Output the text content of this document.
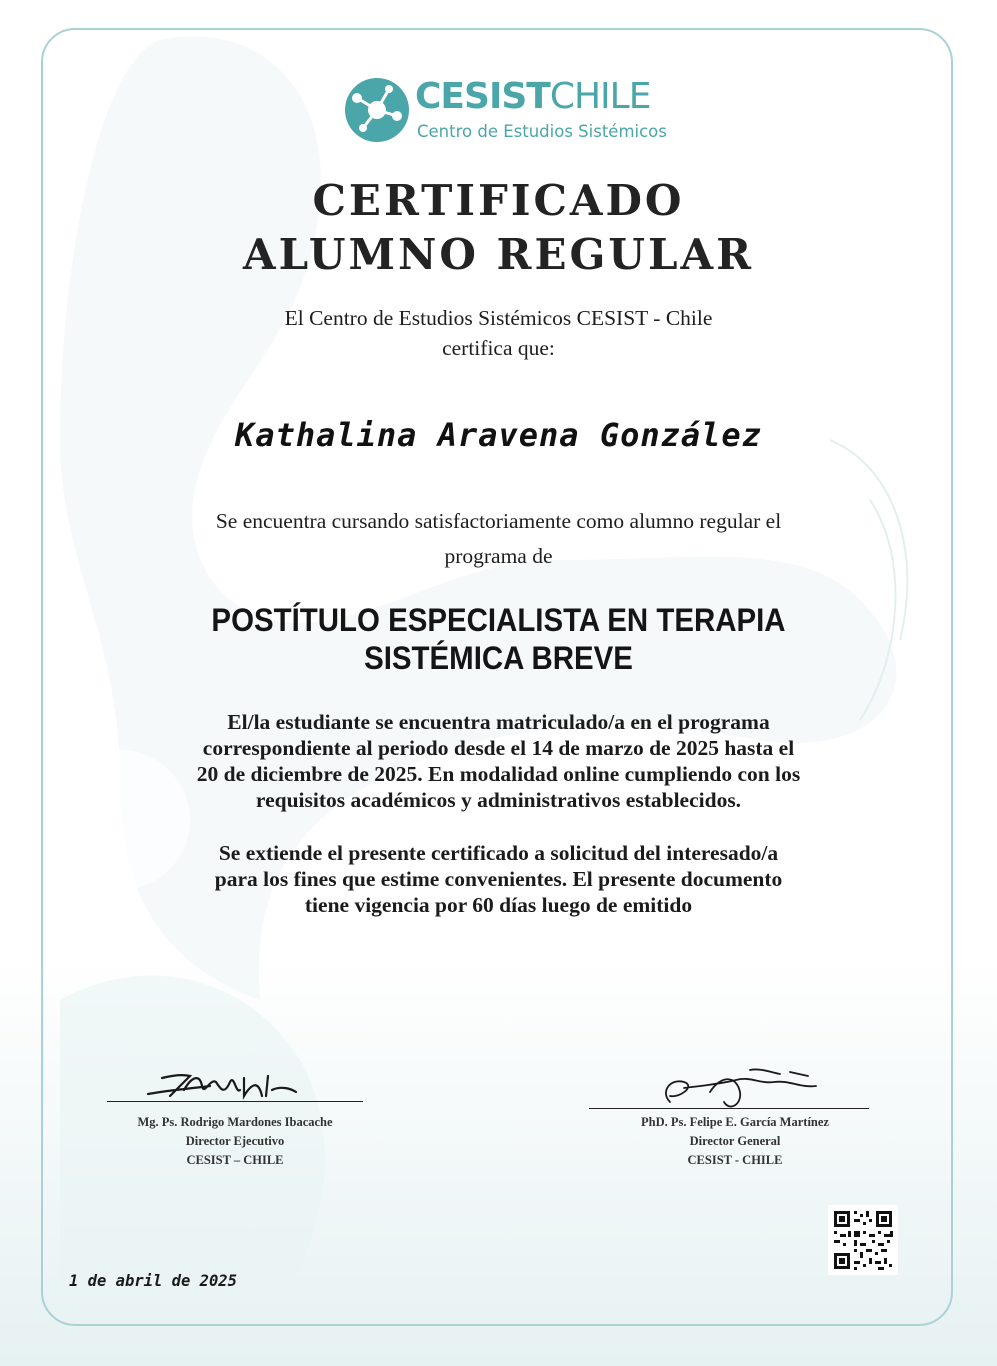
CESISTCHILE
Centro de Estudios Sistémicos
CERTIFICADO
ALUMNO REGULAR
El Centro de Estudios Sistémicos CESIST - Chile
certifica que:
Kathalina Aravena González
Se encuentra cursando satisfactoriamente como alumno regular el
programa de
POSTÍTULO ESPECIALISTA EN TERAPIA
SISTÉMICA BREVE
El/la estudiante se encuentra matriculado/a en el programa
correspondiente al periodo desde el 14 de marzo de 2025 hasta el
20 de diciembre de 2025. En modalidad online cumpliendo con los
requisitos académicos y administrativos establecidos.
Se extiende el presente certificado a solicitud del interesado/a
para los fines que estime convenientes. El presente documento
tiene vigencia por 60 días luego de emitido
Mg. Ps. Rodrigo Mardones Ibacache
Director Ejecutivo
CESIST – CHILE
PhD. Ps. Felipe E. García Martínez
Director General
CESIST - CHILE
1 de abril de 2025
